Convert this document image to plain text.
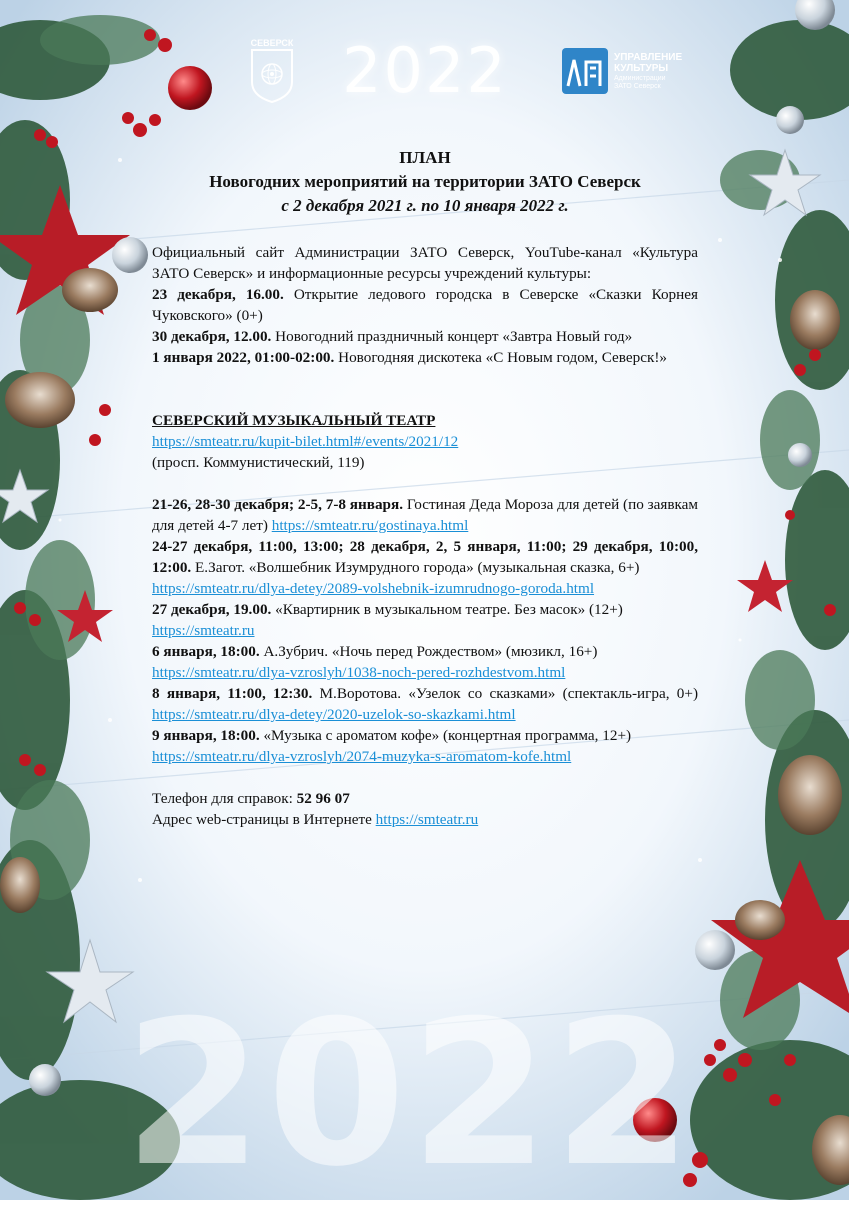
СЕВЕРСК 2022	УПРАВЛЕНИЕ
КУЛЬТУРЫ
Администрации
ЗАТО Северск
2022
ПЛАН
Новогодних мероприятий на территории ЗАТО Северск
с 2 декабря 2021 г. по 10 января 2022 г.

Официальный сайт Администрации ЗАТО Северск, YouTube-канал «Культура ЗАТО Северск» и информационные ресурсы учреждений культуры:

23 декабря, 16.00. Открытие ледового городска в Северске «Сказки Корнея Чуковского» (0+)

30 декабря, 12.00. Новогодний праздничный концерт «Завтра Новый год»

1 января 2022, 01:00-02:00. Новогодняя дискотека «С Новым годом, Северск!»

СЕВЕРСКИЙ МУЗЫКАЛЬНЫЙ ТЕАТР

https://smteatr.ru/kupit-bilet.html#/events/2021/12

(просп. Коммунистический, 119)

21-26, 28-30 декабря; 2-5, 7-8 января. Гостиная Деда Мороза для детей (по заявкам для детей 4-7 лет) https://smteatr.ru/gostinaya.html

24-27 декабря, 11:00, 13:00; 28 декабря, 2, 5 января, 11:00; 29 декабря, 10:00, 12:00. Е.Загот. «Волшебник Изумрудного города» (музыкальная сказка, 6+)
https://smteatr.ru/dlya-detey/2089-volshebnik-izumrudnogo-goroda.html

27 декабря, 19.00. «Квартирник в музыкальном театре. Без масок» (12+)
https://smteatr.ru

6 января, 18:00. А.Зубрич. «Ночь перед Рождеством» (мюзикл, 16+)
https://smteatr.ru/dlya-vzroslyh/1038-noch-pered-rozhdestvom.html

8 января, 11:00, 12:30. М.Воротова. «Узелок со сказками» (спектакль-игра, 0+) https://smteatr.ru/dlya-detey/2020-uzelok-so-skazkami.html

9 января, 18:00. «Музыка с ароматом кофе» (концертная программа, 12+)
https://smteatr.ru/dlya-vzroslyh/2074-muzyka-s-aromatom-kofe.html

Телефон для справок: 52 96 07

Адрес web-страницы в Интернете https://smteatr.ru
